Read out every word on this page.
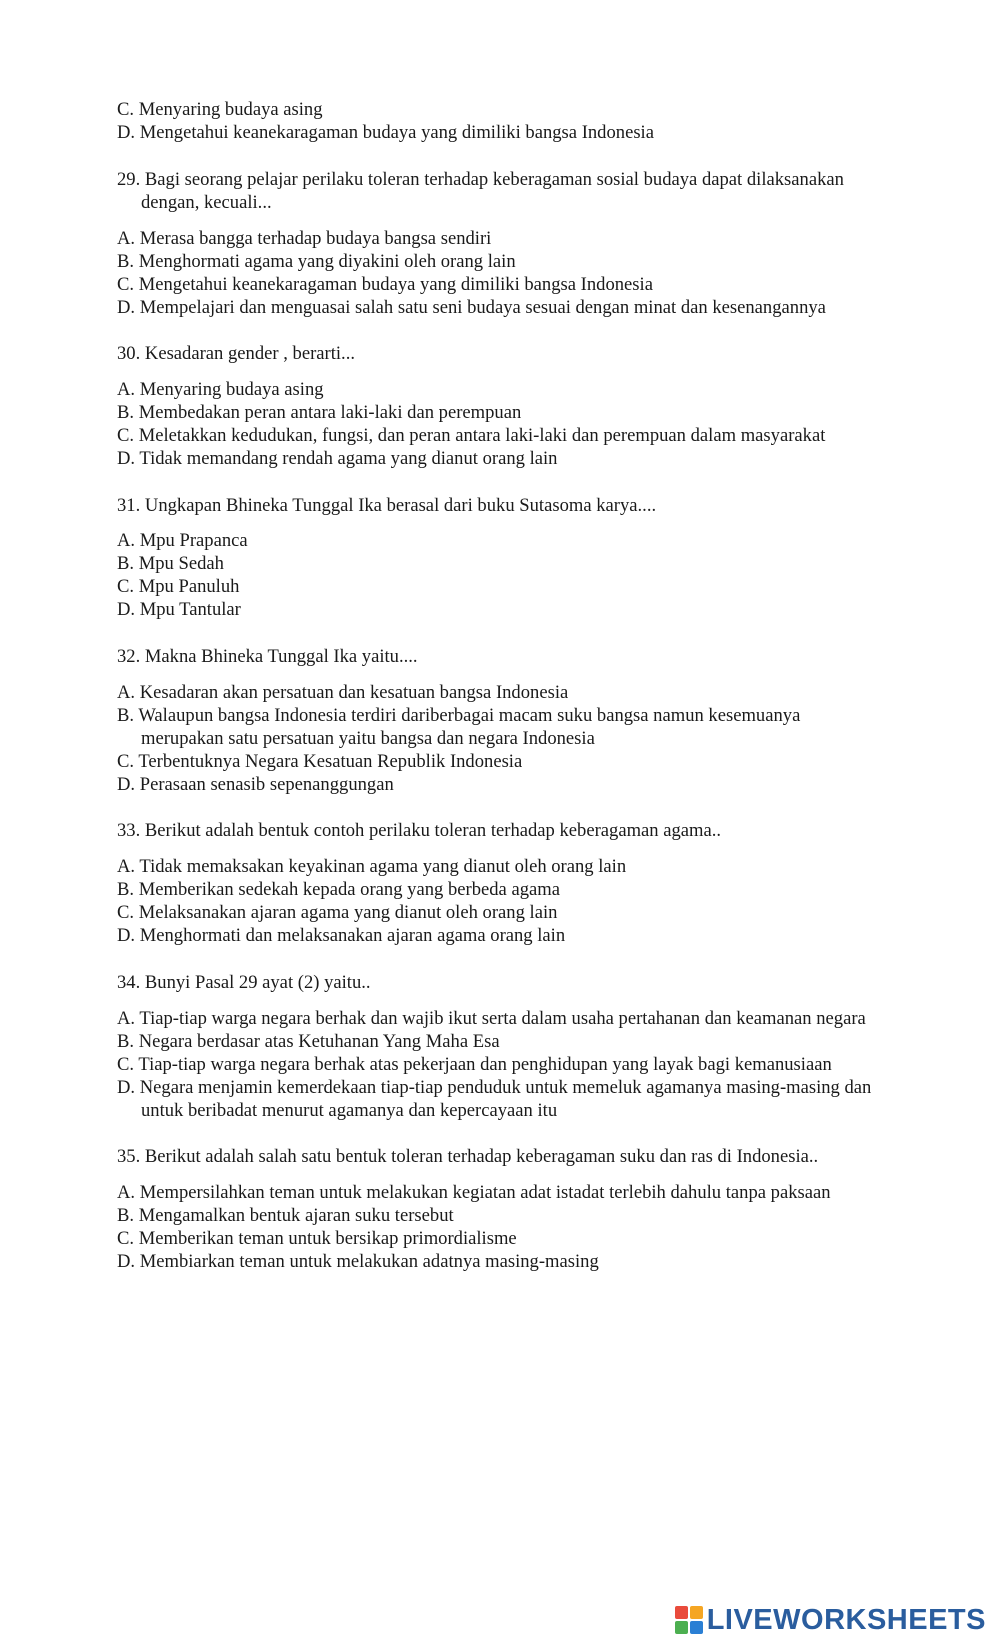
C. Menyaring budaya asing
D. Mengetahui keanekaragaman budaya yang dimiliki bangsa Indonesia
29. Bagi seorang pelajar perilaku toleran terhadap keberagaman sosial budaya dapat dilaksanakan
dengan, kecuali...
A. Merasa bangga terhadap budaya bangsa sendiri
B. Menghormati agama yang diyakini oleh orang lain
C. Mengetahui keanekaragaman budaya yang dimiliki bangsa Indonesia
D. Mempelajari dan menguasai salah satu seni budaya sesuai dengan minat dan kesenangannya
30. Kesadaran gender , berarti...
A. Menyaring budaya asing
B. Membedakan peran antara laki-laki dan perempuan
C. Meletakkan kedudukan, fungsi, dan peran antara laki-laki dan perempuan dalam masyarakat
D. Tidak memandang rendah agama yang dianut orang lain
31. Ungkapan Bhineka Tunggal Ika berasal dari buku Sutasoma karya....
A. Mpu Prapanca
B. Mpu Sedah
C. Mpu Panuluh
D. Mpu Tantular
32. Makna Bhineka Tunggal Ika yaitu....
A. Kesadaran akan persatuan dan kesatuan bangsa Indonesia
B. Walaupun bangsa Indonesia terdiri dariberbagai macam suku bangsa namun kesemuanya
merupakan satu persatuan yaitu bangsa dan negara Indonesia
C. Terbentuknya Negara Kesatuan Republik Indonesia
D. Perasaan senasib sepenanggungan
33. Berikut adalah bentuk contoh perilaku toleran terhadap keberagaman agama..
A. Tidak memaksakan keyakinan agama yang dianut oleh orang lain
B. Memberikan sedekah kepada orang yang berbeda agama
C. Melaksanakan ajaran agama yang dianut oleh orang lain
D. Menghormati dan melaksanakan ajaran agama orang lain
34. Bunyi Pasal 29 ayat (2) yaitu..
A. Tiap-tiap warga negara berhak dan wajib ikut serta dalam usaha pertahanan dan keamanan negara
B. Negara berdasar atas Ketuhanan Yang Maha Esa
C. Tiap-tiap warga negara berhak atas pekerjaan dan penghidupan yang layak bagi kemanusiaan
D. Negara menjamin kemerdekaan tiap-tiap penduduk untuk memeluk agamanya masing-masing dan
untuk beribadat menurut agamanya dan kepercayaan itu
35. Berikut adalah salah satu bentuk toleran terhadap keberagaman suku dan ras di Indonesia..
A. Mempersilahkan teman untuk melakukan kegiatan adat istadat terlebih dahulu tanpa paksaan
B. Mengamalkan bentuk ajaran suku tersebut
C. Memberikan teman untuk bersikap primordialisme
D. Membiarkan teman untuk melakukan adatnya masing-masing
LIVEWORKSHEETS
